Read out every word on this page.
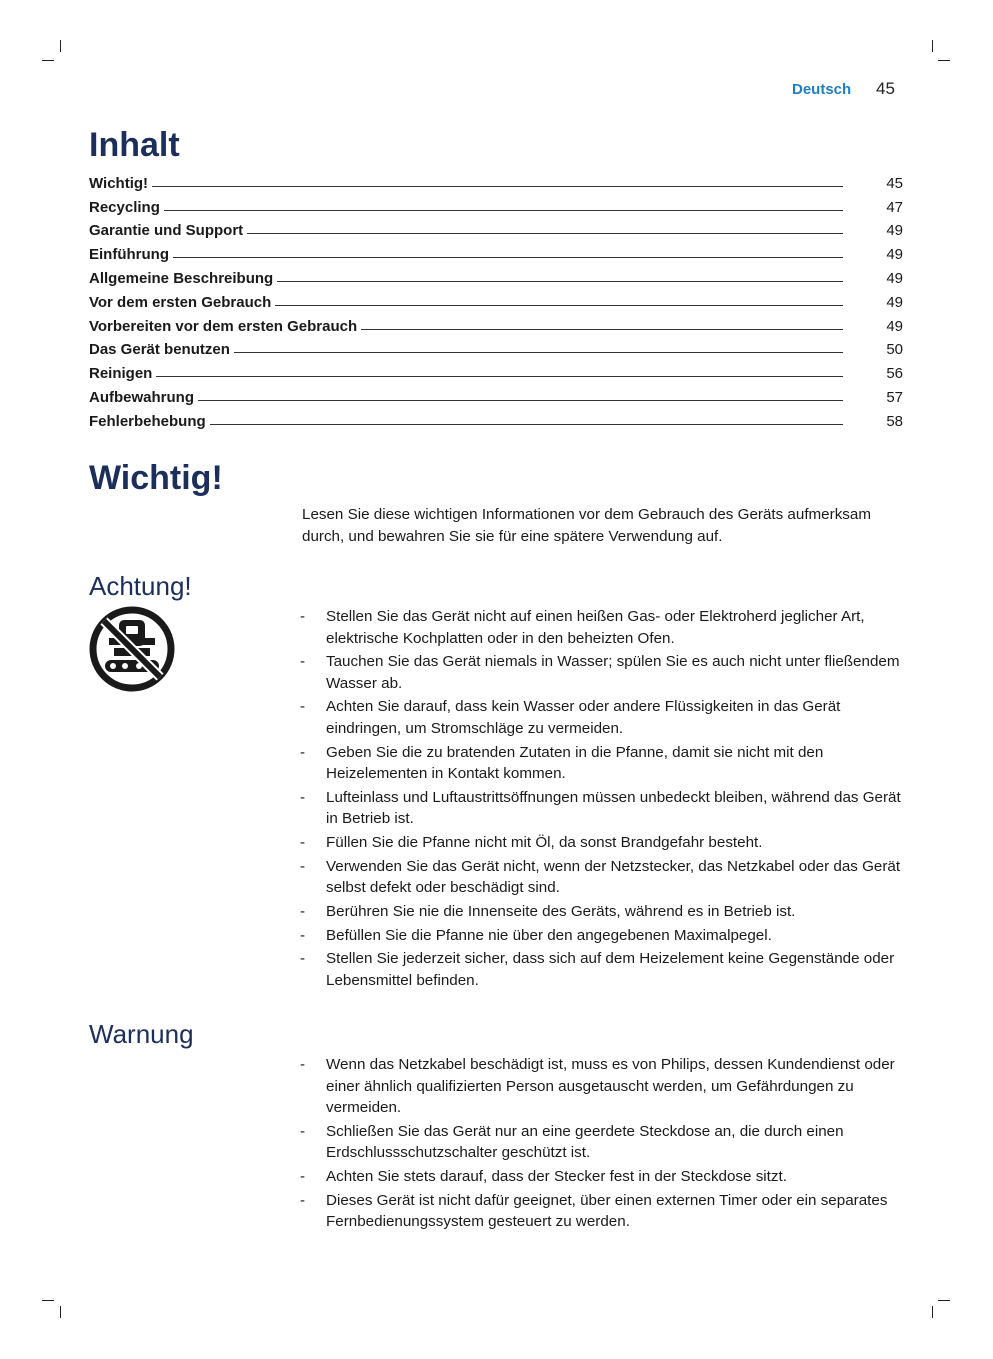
Deutsch 45
Inhalt
Wichtig!	45
Recycling	47
Garantie und Support	49
Einführung	49
Allgemeine Beschreibung	49
Vor dem ersten Gebrauch	49
Vorbereiten vor dem ersten Gebrauch	49
Das Gerät benutzen	50
Reinigen	56
Aufbewahrung	57
Fehlerbehebung	58
Wichtig!
Lesen Sie diese wichtigen Informationen vor dem Gebrauch des Geräts aufmerksam durch, und bewahren Sie sie für eine spätere Verwendung auf.
Achtung!
- Stellen Sie das Gerät nicht auf einen heißen Gas- oder Elektroherd jeglicher Art, elektrische Kochplatten oder in den beheizten Ofen.
- Tauchen Sie das Gerät niemals in Wasser; spülen Sie es auch nicht unter fließendem Wasser ab.
- Achten Sie darauf, dass kein Wasser oder andere Flüssigkeiten in das Gerät eindringen, um Stromschläge zu vermeiden.
- Geben Sie die zu bratenden Zutaten in die Pfanne, damit sie nicht mit den Heizelementen in Kontakt kommen.
- Lufteinlass und Luftaustrittsöffnungen müssen unbedeckt bleiben, während das Gerät in Betrieb ist.
- Füllen Sie die Pfanne nicht mit Öl, da sonst Brandgefahr besteht.
- Verwenden Sie das Gerät nicht, wenn der Netzstecker, das Netzkabel oder das Gerät selbst defekt oder beschädigt sind.
- Berühren Sie nie die Innenseite des Geräts, während es in Betrieb ist.
- Befüllen Sie die Pfanne nie über den angegebenen Maximalpegel.
- Stellen Sie jederzeit sicher, dass sich auf dem Heizelement keine Gegenstände oder Lebensmittel befinden.
Warnung
- Wenn das Netzkabel beschädigt ist, muss es von Philips, dessen Kundendienst oder einer ähnlich qualifizierten Person ausgetauscht werden, um Gefährdungen zu vermeiden.
- Schließen Sie das Gerät nur an eine geerdete Steckdose an, die durch einen Erdschlussschutzschalter geschützt ist.
- Achten Sie stets darauf, dass der Stecker fest in der Steckdose sitzt.
- Dieses Gerät ist nicht dafür geeignet, über einen externen Timer oder ein separates Fernbedienungssystem gesteuert zu werden.
